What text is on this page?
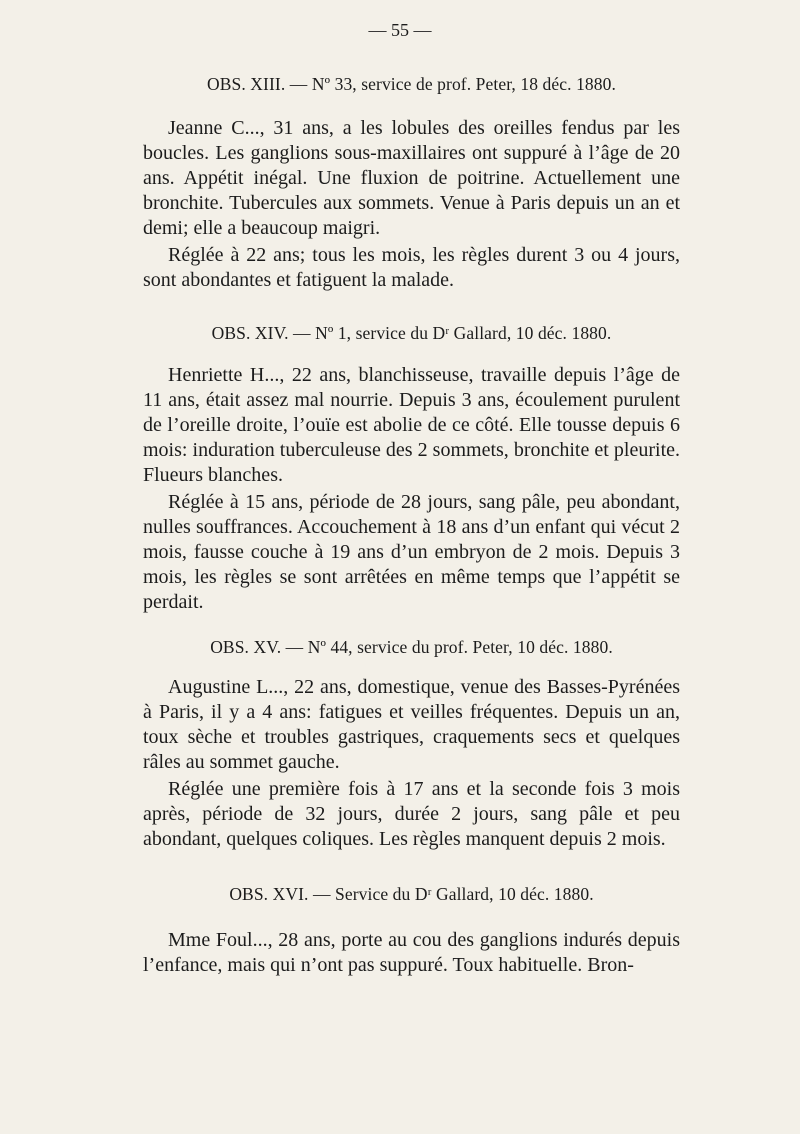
— 55 —

OBS. XIII. — Nº 33, service de prof. Peter, 18 déc. 1880.

Jeanne C..., 31 ans, a les lobules des oreilles fendus par les boucles. Les ganglions sous-maxillaires ont suppuré à l’âge de 20 ans. Appétit inégal. Une fluxion de poitrine. Actuellement une bronchite. Tubercules aux sommets. Venue à Paris depuis un an et demi; elle a beaucoup maigri.

Réglée à 22 ans; tous les mois, les règles durent 3 ou 4 jours, sont abondantes et fatiguent la malade.

OBS. XIV. — Nº 1, service du Dʳ Gallard, 10 déc. 1880.

Henriette H..., 22 ans, blanchisseuse, travaille depuis l’âge de 11 ans, était assez mal nourrie. Depuis 3 ans, écoulement purulent de l’oreille droite, l’ouïe est abolie de ce côté. Elle tousse depuis 6 mois: induration tuberculeuse des 2 sommets, bronchite et pleurite. Flueurs blanches.

Réglée à 15 ans, période de 28 jours, sang pâle, peu abondant, nulles souffrances. Accouchement à 18 ans d’un enfant qui vécut 2 mois, fausse couche à 19 ans d’un embryon de 2 mois. Depuis 3 mois, les règles se sont arrêtées en même temps que l’appétit se perdait.

OBS. XV. — Nº 44, service du prof. Peter, 10 déc. 1880.

Augustine L..., 22 ans, domestique, venue des Basses-Pyrénées à Paris, il y a 4 ans: fatigues et veilles fréquentes. Depuis un an, toux sèche et troubles gastriques, craquements secs et quelques râles au sommet gauche.

Réglée une première fois à 17 ans et la seconde fois 3 mois après, période de 32 jours, durée 2 jours, sang pâle et peu abondant, quelques coliques. Les règles manquent depuis 2 mois.

OBS. XVI. — Service du Dʳ Gallard, 10 déc. 1880.

Mme Foul..., 28 ans, porte au cou des ganglions indurés depuis l’enfance, mais qui n’ont pas suppuré. Toux habituelle. Bron-
